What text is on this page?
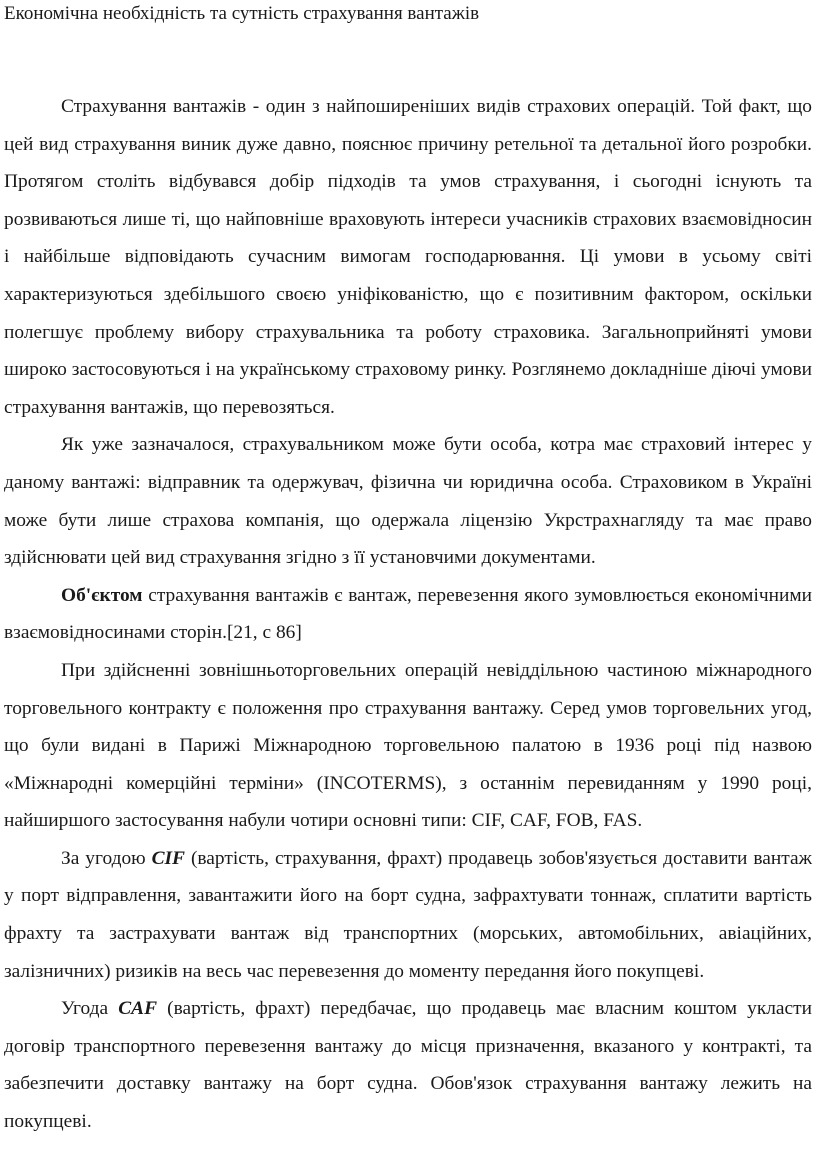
Економічна необхідність та сутність страхування вантажів

Страхування вантажів - один з найпоширеніших видів страхових операцій. Той факт, що цей вид страхування виник дуже давно, пояснює причину ретельної та детальної його розробки. Протягом століть відбувався добір підходів та умов страхування, і сьогодні існують та розвиваються лише ті, що найповніше враховують інтереси учасників страхових взаємовідносин і найбільше відповідають сучасним вимогам господарювання. Ці умови в усьому світі характеризуються здебільшого своєю уніфікованістю, що є позитивним фактором, оскільки полегшує проблему вибору страхувальника та роботу страховика. Загальноприйняті умови широко застосовуються і на українському страховому ринку. Розглянемо докладніше діючі умови страхування вантажів, що перевозяться.

Як уже зазначалося, страхувальником може бути особа, котра має страховий інтерес у даному вантажі: відправник та одержувач, фізична чи юридична особа. Страховиком в Україні може бути лише страхова компанія, що одержала ліцензію Укрстрахнагляду та має право здійснювати цей вид страхування згідно з її установчими документами.

Об'єктом страхування вантажів є вантаж, перевезення якого зумовлюється економічними взаємовідносинами сторін.[21, с 86]

При здійсненні зовнішньоторговельних операцій невіддільною частиною міжнародного торговельного контракту є положення про страхування вантажу. Серед умов торговельних угод, що були видані в Парижі Міжнародною торговельною палатою в 1936 році під назвою «Міжнародні комерційні терміни» (INCOTERMS), з останнім перевиданням у 1990 році, найширшого застосування набули чотири основні типи: CIF, CAF, FOB, FAS.

За угодою CIF (вартість, страхування, фрахт) продавець зобов'язується доставити вантаж у порт відправлення, завантажити його на борт судна, зафрахтувати тоннаж, сплатити вартість фрахту та застрахувати вантаж від транспортних (морських, автомобільних, авіаційних, залізничних) ризиків на весь час перевезення до моменту передання його покупцеві.

Угода CAF (вартість, фрахт) передбачає, що продавець має власним коштом укласти договір транспортного перевезення вантажу до місця призначення, вказаного у контракті, та забезпечити доставку вантажу на борт судна. Обов'язок страхування вантажу лежить на покупцеві.
